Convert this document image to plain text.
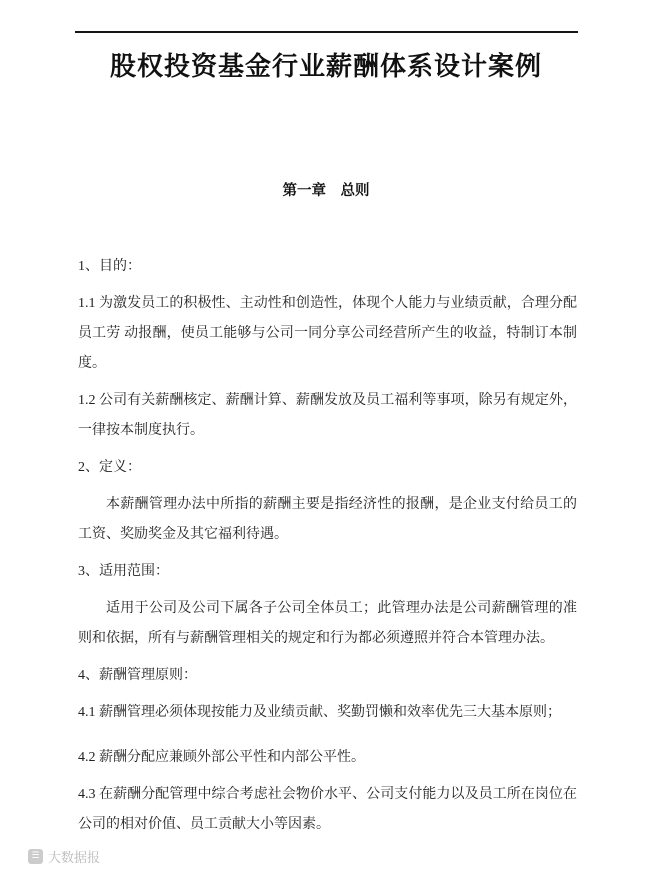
股权投资基金行业薪酬体系设计案例
第一章　总则

1、目的：

1.1 为激发员工的积极性、主动性和创造性，体现个人能力与业绩贡献，合理分配员工劳 动报酬，使员工能够与公司一同分享公司经营所产生的收益，特制订本制度。

1.2 公司有关薪酬核定、薪酬计算、薪酬发放及员工福利等事项，除另有规定外，一律按本制度执行。

2、定义：

本薪酬管理办法中所指的薪酬主要是指经济性的报酬，是企业支付给员工的工资、奖励奖金及其它福利待遇。

3、适用范围：

适用于公司及公司下属各子公司全体员工；此管理办法是公司薪酬管理的准则和依据，所有与薪酬管理相关的规定和行为都必须遵照并符合本管理办法。

4、薪酬管理原则：

4.1 薪酬管理必须体现按能力及业绩贡献、奖勤罚懒和效率优先三大基本原则；

4.2 薪酬分配应兼顾外部公平性和内部公平性。

4.3 在薪酬分配管理中综合考虑社会物价水平、公司支付能力以及员工所在岗位在公司的相对价值、员工贡献大小等因素。

☰ 大数据报
